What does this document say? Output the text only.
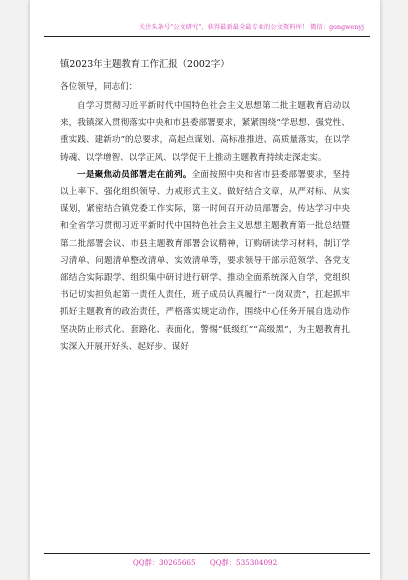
关注头条号"公文研究"，获得最新最全最专业的公文资料库！ 微信：gongwenyj
镇2023年主题教育工作汇报（2002字）
各位领导，同志们：

自学习贯彻习近平新时代中国特色社会主义思想第二批主题教育启动以来，我镇深入贯彻落实中央和市县委部署要求，紧紧围绕“学思想、强党性、重实践、建新功”的总要求，高起点谋划、高标准推进、高质量落实，在以学铸魂、以学增智、以学正风、以学促干上推动主题教育持续走深走实。

一是聚焦动员部署走在前列。全面按照中央和省市县委部署要求，坚持以上率下、强化组织领导、力戒形式主义、做好结合文章，从严对标、从实谋划，紧密结合镇党委工作实际，第一时间召开动员部署会，传达学习中央和全省学习贯彻习近平新时代中国特色社会主义思想主题教育第一批总结暨第二批部署会议、市县主题教育部署会议精神，订购研读学习材料，制订学习清单、问题清单整改清单、实效清单等，要求领导干部示范领学、各党支部结合实际跟学、组织集中研讨进行研学、推动全面系统深入自学，党组织书记切实担负起第一责任人责任，班子成员认真履行“一岗双责”，扛起抓牢抓好主题教育的政治责任，严格落实规定动作，围绕中心任务开展自选动作坚决防止形式化、套路化、表面化，警惕“低级红”“高级黑”，为主题教育扎实深入开展开好头、起好步、谋好

QQ群：30265665 QQ群：535304092
